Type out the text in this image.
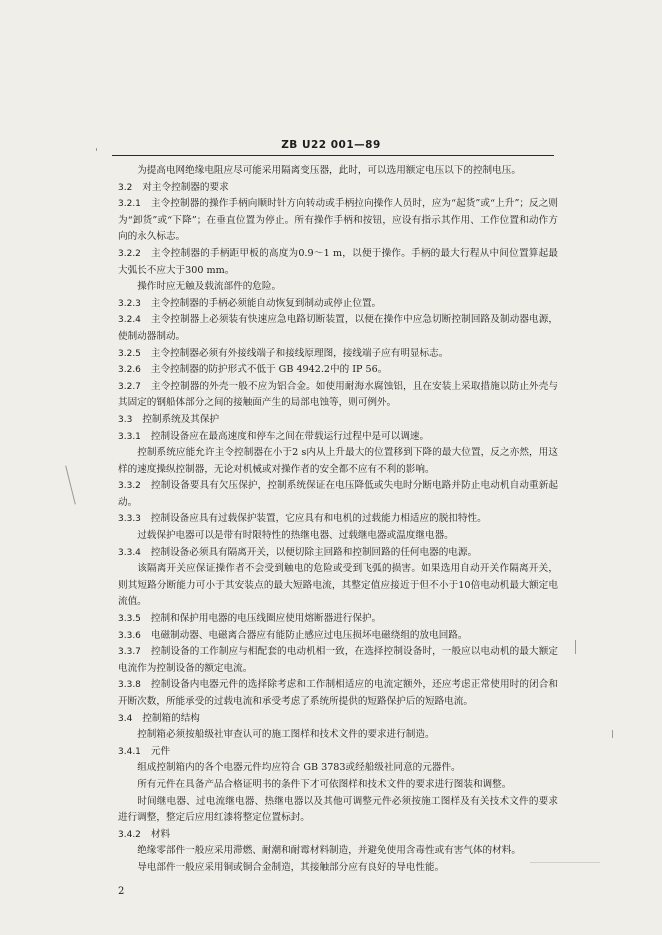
ZB U22 001—89

为提高电网绝缘电阻应尽可能采用隔离变压器，此时，可以选用额定电压以下的控制电压。

3.2 对主令控制器的要求

3.2.1 主令控制器的操作手柄向顺时针方向转动或手柄拉向操作人员时，应为“起货”或“上升”；反之则为“卸货”或“下降”；在垂直位置为停止。所有操作手柄和按钮，应设有指示其作用、工作位置和动作方向的永久标志。

3.2.2 主令控制器的手柄距甲板的高度为0.9～1 m，以便于操作。手柄的最大行程从中间位置算起最大弧长不应大于300 mm。

操作时应无触及载流部件的危险。

3.2.3 主令控制器的手柄必须能自动恢复到制动或停止位置。

3.2.4 主令控制器上必须装有快速应急电路切断装置，以便在操作中应急切断控制回路及制动器电源，使制动器制动。

3.2.5 主令控制器必须有外接线端子和接线原理图，接线端子应有明显标志。

3.2.6 主令控制器的防护形式不低于 GB 4942.2中的 IP 56。

3.2.7 主令控制器的外壳一般不应为铝合金。如使用耐海水腐蚀铝，且在安装上采取措施以防止外壳与其固定的钢船体部分之间的接触面产生的局部电蚀等，则可例外。

3.3 控制系统及其保护

3.3.1 控制设备应在最高速度和停车之间在带载运行过程中是可以调速。

控制系统应能允许主令控制器在小于2 s内从上升最大的位置移到下降的最大位置，反之亦然，用这样的速度操纵控制器，无论对机械或对操作者的安全都不应有不利的影响。

3.3.2 控制设备要具有欠压保护，控制系统保证在电压降低或失电时分断电路并防止电动机自动重新起动。

3.3.3 控制设备应具有过载保护装置，它应具有和电机的过载能力相适应的脱扣特性。

过载保护电器可以是带有时限特性的热继电器、过载继电器或温度继电器。

3.3.4 控制设备必须具有隔离开关，以便切除主回路和控制回路的任何电器的电源。

该隔离开关应保证操作者不会受到触电的危险或受到飞弧的损害。如果选用自动开关作隔离开关，则其短路分断能力可小于其安装点的最大短路电流，其整定值应接近于但不小于10倍电动机最大额定电流值。

3.3.5 控制和保护用电器的电压线圈应使用熔断器进行保护。

3.3.6 电磁制动器、电磁离合器应有能防止感应过电压损坏电磁绕组的放电回路。

3.3.7 控制设备的工作制应与相配套的电动机相一致，在选择控制设备时，一般应以电动机的最大额定电流作为控制设备的额定电流。

3.3.8 控制设备内电器元件的选择除考虑和工作制相适应的电流定额外，还应考虑正常使用时的闭合和开断次数，所能承受的过载电流和承受考虑了系统所提供的短路保护后的短路电流。

3.4 控制箱的结构

控制箱必须按船级社审查认可的施工图样和技术文件的要求进行制造。

3.4.1 元件

组成控制箱内的各个电器元件均应符合 GB 3783或经船级社同意的元器件。

所有元件在具备产品合格证明书的条件下才可依图样和技术文件的要求进行图装和调整。

时间继电器、过电流继电器、热继电器以及其他可调整元件必须按施工图样及有关技术文件的要求进行调整，整定后应用红漆将整定位置标封。

3.4.2 材料

绝缘零部件一般应采用滞燃、耐潮和耐霉材料制造，并避免使用含毒性或有害气体的材料。

导电部件一般应采用铜或铜合金制造，其接触部分应有良好的导电性能。

2
